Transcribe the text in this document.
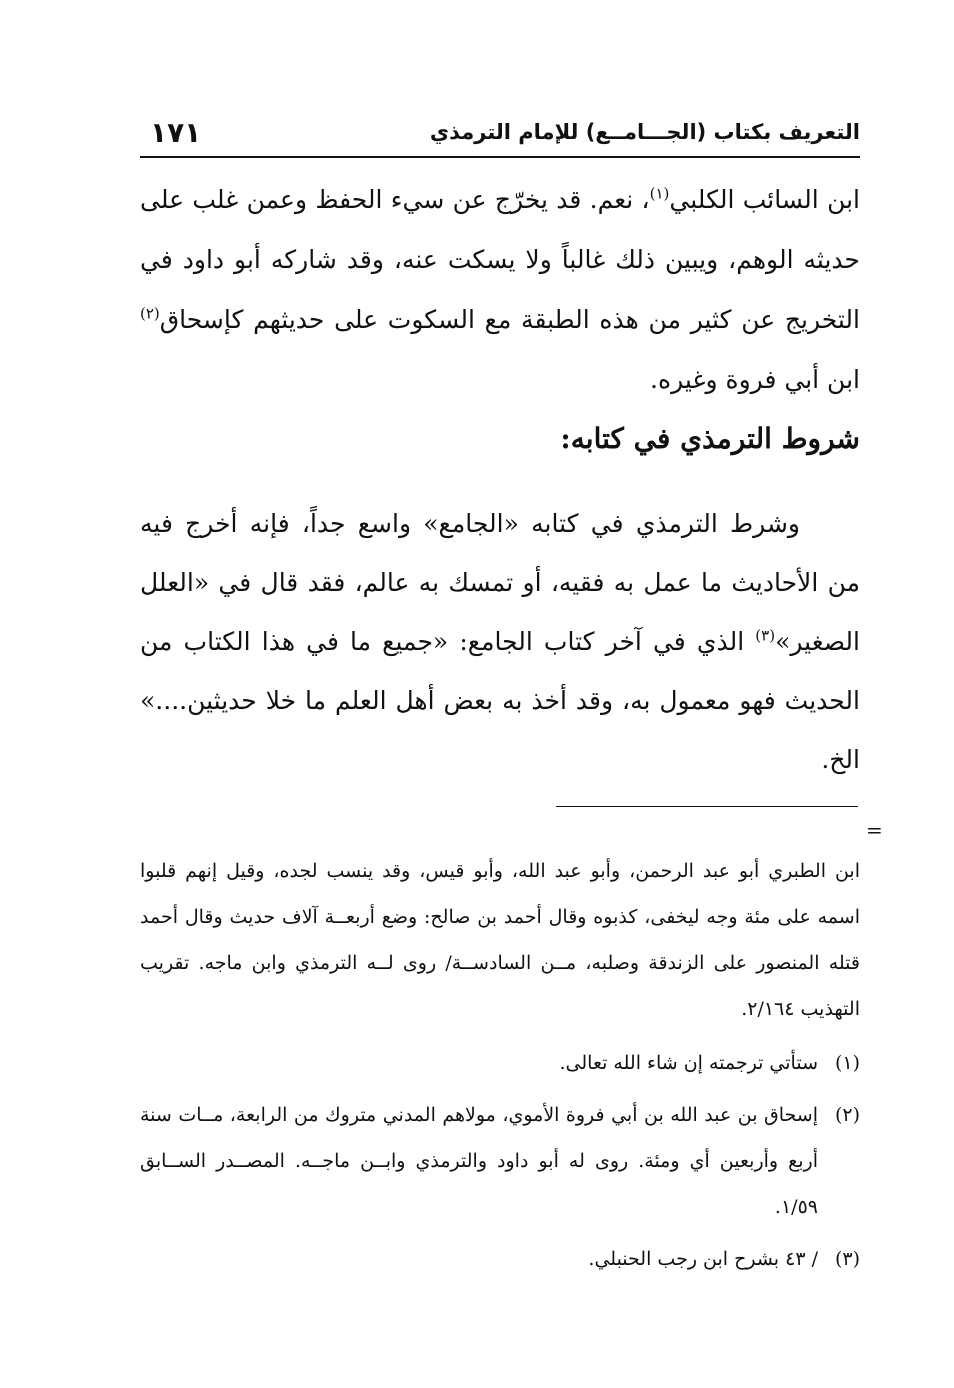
التعريف بكتاب (الجـــامــع) للإمام الترمذي
١٧١

ابن السائب الكلبي$^{(١)}$، نعم. قد يخرّج عن سيء الحفظ وعمن غلب على حديثه الوهم، ويبين ذلك غالباً ولا يسكت عنه، وقد شاركه أبو داود في التخريج عن كثير من هذه الطبقة مع السكوت على حديثهم كإسحاق$^{(٢)}$ ابن أبي فروة وغيره.

شروط الترمذي في كتابه:

وشرط الترمذي في كتابه «الجامع» واسع جداً، فإنه أخرج فيه من الأحاديث ما عمل به فقيه، أو تمسك به عالم، فقد قال في «العلل الصغير»$^{(٣)}$ الذي في آخر كتاب الجامع: «جميع ما في هذا الكتاب من الحديث فهو معمول به، وقد أخذ به بعض أهل العلم ما خلا حديثين....» الخ.

=
ابن الطبري أبو عبد الرحمن، وأبو عبد الله، وأبو قيس، وقد ينسب لجده، وقيل إنهم قلبوا اسمه على مئة وجه ليخفى، كذبوه وقال أحمد بن صالح: وضع أربعــة آلاف حديث وقال أحمد قتله المنصور على الزندقة وصلبه، مــن السادســة/ روى لــه الترمذي وابن ماجه. تقريب التهذيب ٢/١٦٤.
(١)
ستأتي ترجمته إن شاء الله تعالى.
(٢)
إسحاق بن عبد الله بن أبي فروة الأموي، مولاهم المدني متروك من الرابعة، مــات سنة أربع وأربعين أي ومئة. روى له أبو داود والترمذي وابــن ماجــه. المصــدر الســابق ١/٥٩.
(٣)
/ ٤٣ بشرح ابن رجب الحنبلي.
